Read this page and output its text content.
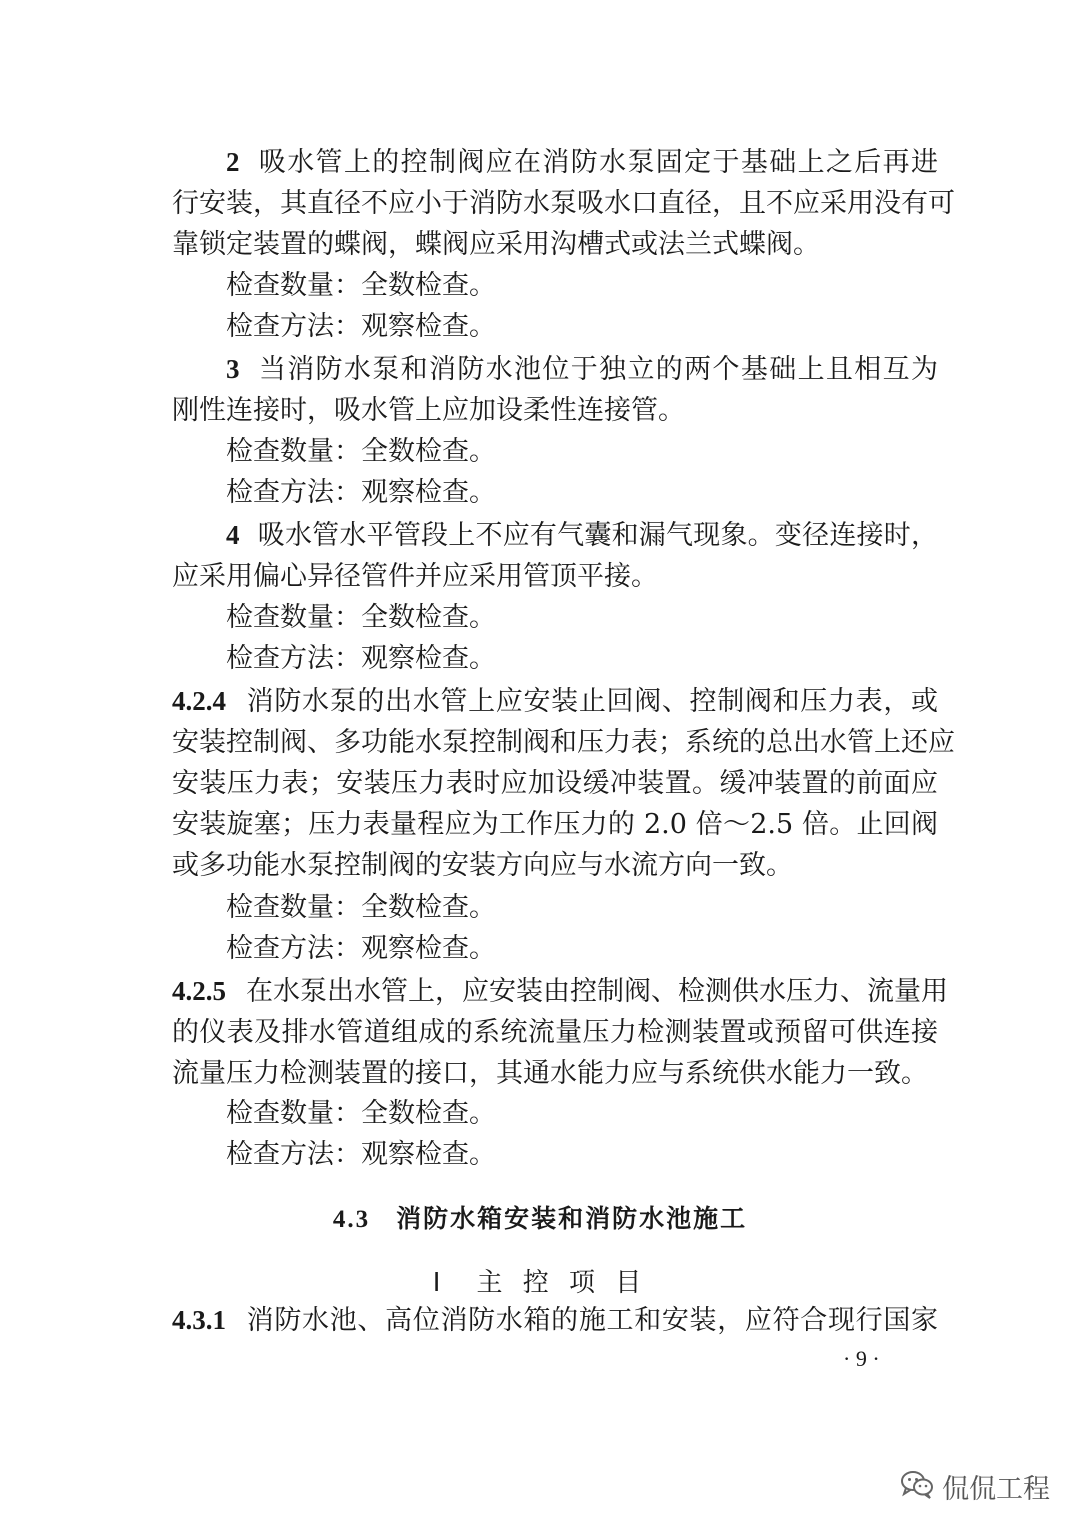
2 吸水管上的控制阀应在消防水泵固定于基础上之后再进
行安装，其直径不应小于消防水泵吸水口直径，且不应采用没有可
靠锁定装置的蝶阀，蝶阀应采用沟槽式或法兰式蝶阀。
检查数量：全数检查。
检查方法：观察检查。
3 当消防水泵和消防水池位于独立的两个基础上且相互为
刚性连接时，吸水管上应加设柔性连接管。
检查数量：全数检查。
检查方法：观察检查。
4 吸水管水平管段上不应有气囊和漏气现象。变径连接时，
应采用偏心异径管件并应采用管顶平接。
检查数量：全数检查。
检查方法：观察检查。
4.2.4 消防水泵的出水管上应安装止回阀、控制阀和压力表，或
安装控制阀、多功能水泵控制阀和压力表；系统的总出水管上还应
安装压力表；安装压力表时应加设缓冲装置。缓冲装置的前面应
安装旋塞；压力表量程应为工作压力的 2.0 倍～2.5 倍。止回阀
或多功能水泵控制阀的安装方向应与水流方向一致。
检查数量：全数检查。
检查方法：观察检查。
4.2.5 在水泵出水管上，应安装由控制阀、检测供水压力、流量用
的仪表及排水管道组成的系统流量压力检测装置或预留可供连接
流量压力检测装置的接口，其通水能力应与系统供水能力一致。
检查数量：全数检查。
检查方法：观察检查。
4.3 消防水箱安装和消防水池施工
Ⅰ 主 控 项 目
4.3.1 消防水池、高位消防水箱的施工和安装，应符合现行国家
· 9 ·
侃侃工程
